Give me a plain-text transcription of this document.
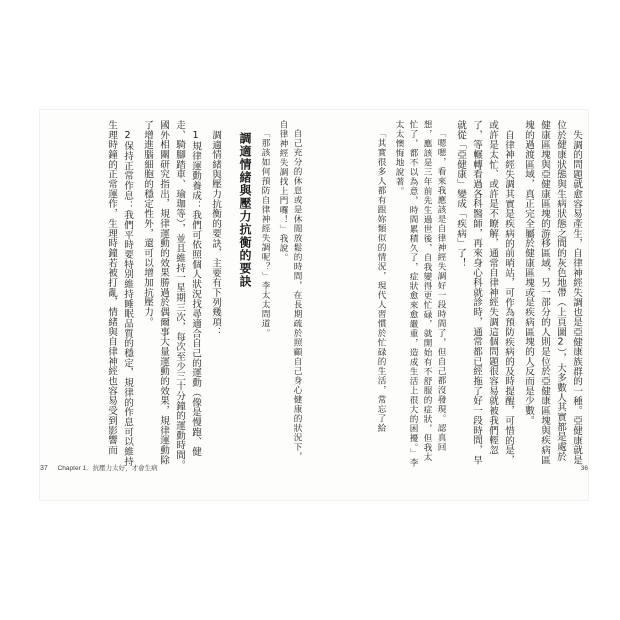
自己充分的休息或是休閒放鬆的時間，在長期疏於照顧自己身心健康的狀況下，自律神經失調找上門囉！」我說。

「那該如何預防自律神經失調呢？」李太太問道。

調適情緒與壓力抗衡的要訣

調適情緒與壓力抗衡的要訣，主要有下列幾項：

1規律運動養成：我們可依照個人狀況找尋適合自己的運動（像是慢跑、健走、騎腳踏車、瑜珈等），並且維持一星期三次，每次至少三十分鐘的運動時間。國外相關研究指出，規律運動的效果勝過於偶爾事大量運動的效果，規律運動除了增進腦細胞的穩定性外，還可以增加抗壓力。

2保持正常作息：我們平時要特別維持睡眠品質的穩定，規律的作息可以維持生理時鐘的正常運作，生理時鐘若被打亂，情緒與自律神經也容易受到影響而

37 Chapter 1．抗壓力太好，才會生病

失調的問題就愈容易產生，自律神經失調也是亞健康族群的一種。亞健康就是位於健康狀態與生病狀態之間的灰色地帶（上頁圖2），大多數人其實都是處於健康區塊與亞健康區塊的游移區域，另一部分的人則是位於亞健康區塊與疾病區塊的過渡區域，真正完全屬於健康區塊或是疾病區塊的人反而是少數。

自律神經失調其實是疾病的前哨站，可作為預防疾病的及時提醒，可惜的是，或許是太忙、或許是不瞭解，通常自律神經失調這個問題很容易就被我們輕忽了，等輾轉看過各科醫師，再來身心科就診時，通常都已經拖了好一段時間，早就從「亞健康」變成「疾病」了！

「嗯嗯，看來我應該是自律神經失調好一段時間了，但自己都沒發現。認真回想，應該是三年前先生過世後，自我變得更忙碌，就開始有不舒服的症狀，但我太忙了，都不以為意，時間累積久了，症狀愈來愈嚴重，造成生活上很大的困擾。」李太太懊悔地說著。

「其實很多人都有跟妳類似的情況，現代人習慣於忙碌的生活，常忘了給

36
